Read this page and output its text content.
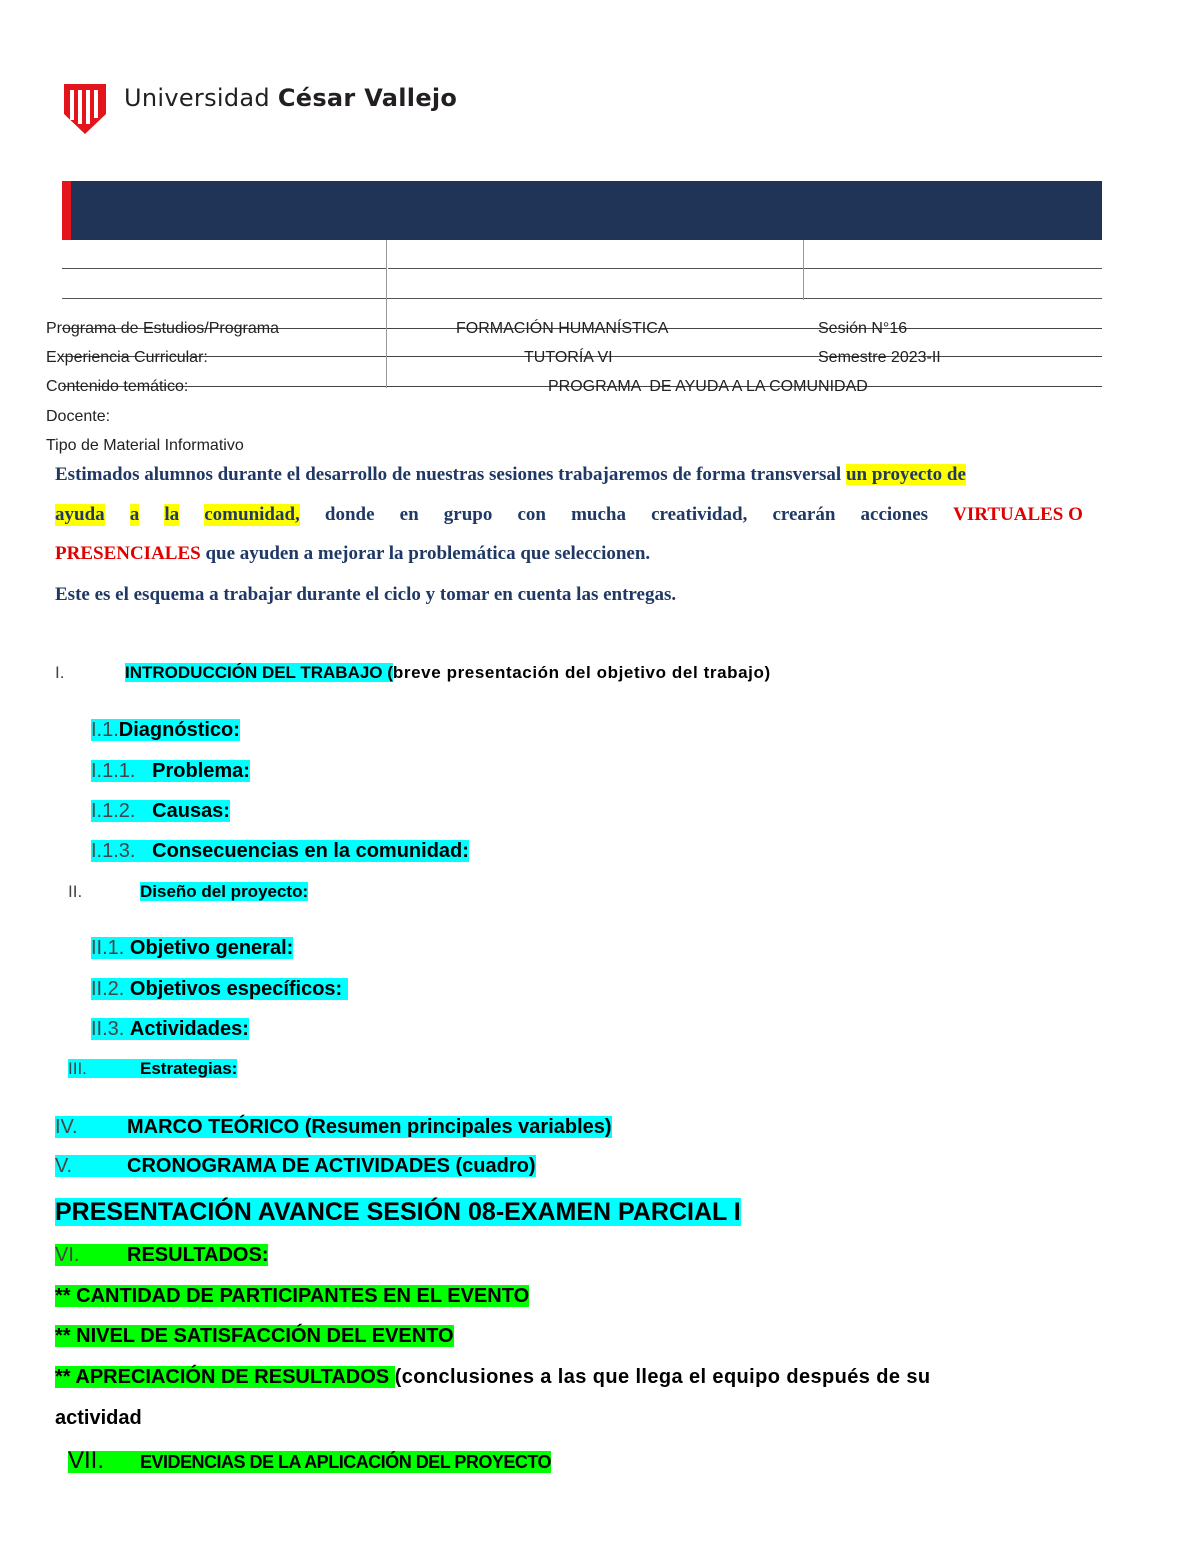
Universidad César Vallejo
Programa de Estudios/Programa	FORMACIÓN HUMANÍSTICA	Sesión N°16
Experiencia Curricular:	TUTORÍA VI	Semestre 2023-II
Contenido temático:	PROGRAMA  DE AYUDA A LA COMUNIDAD
Docente:
Tipo de Material Informativo
Estimados alumnos durante el desarrollo de nuestras sesiones trabajaremos de forma transversal un proyecto de
ayuda a la comunidad, donde en grupo con mucha creatividad, crearán acciones VIRTUALES O
PRESENCIALES que ayuden a mejorar la problemática que seleccionen.
Este es el esquema a trabajar durante el ciclo y tomar en cuenta las entregas.
I.	INTRODUCCIÓN DEL TRABAJO (breve presentación del objetivo del trabajo)
I.1.Diagnóstico:
I.1.1. Problema:
I.1.2. Causas:
I.1.3. Consecuencias en la comunidad:
II.	Diseño del proyecto:
II.1. Objetivo general:
II.2. Objetivos específicos:
II.3. Actividades:
III.	Estrategias:
IV. MARCO TEÓRICO (Resumen principales variables)
V.	CRONOGRAMA DE ACTIVIDADES (cuadro)
PRESENTACIÓN AVANCE SESIÓN 08-EXAMEN PARCIAL I
VI. RESULTADOS:
** CANTIDAD DE PARTICIPANTES EN EL EVENTO
** NIVEL DE SATISFACCIÓN DEL EVENTO
** APRECIACIÓN DE RESULTADOS (conclusiones a las que llega el equipo después de su
actividad
VII. EVIDENCIAS DE LA APLICACIÓN DEL PROYECTO
